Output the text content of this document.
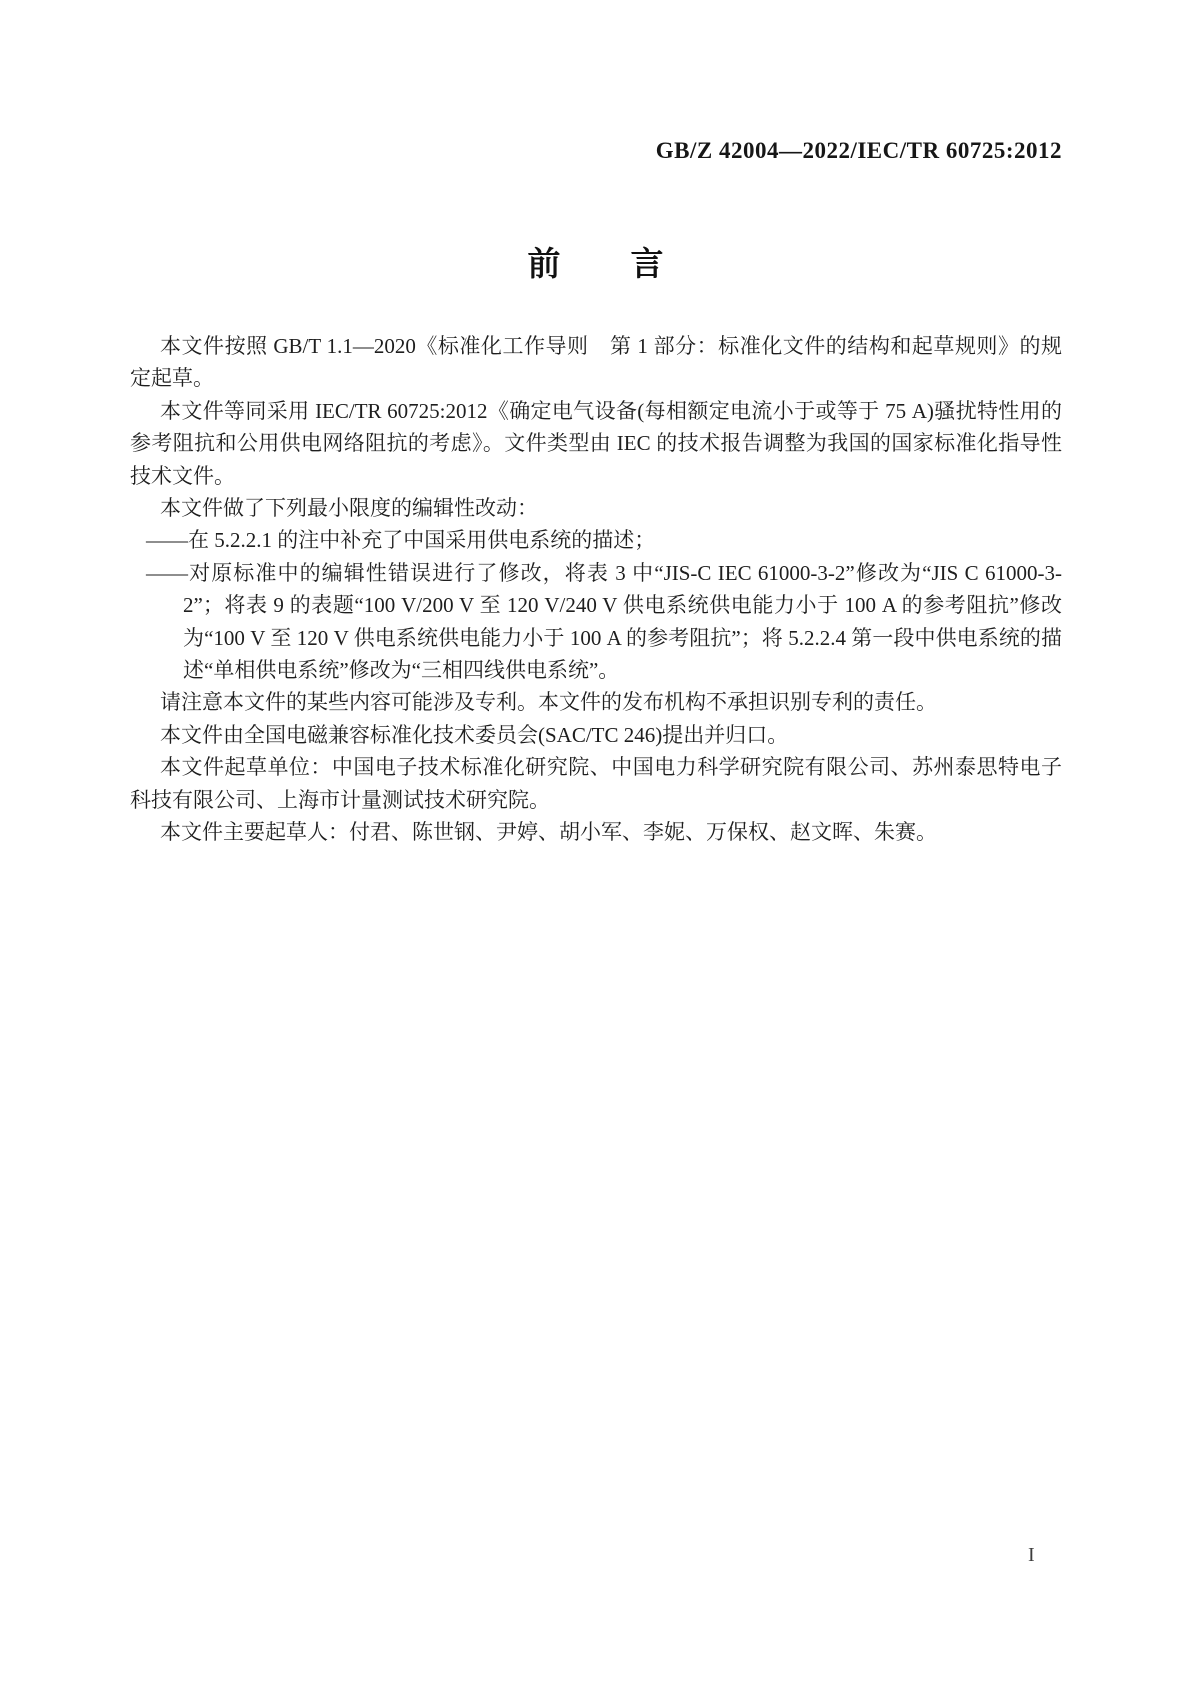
GB/Z 42004—2022/IEC/TR 60725:2012
前 言

本文件按照 GB/T 1.1—2020《标准化工作导则　第 1 部分：标准化文件的结构和起草规则》的规定起草。

本文件等同采用 IEC/TR 60725:2012《确定电气设备(每相额定电流小于或等于 75 A)骚扰特性用的参考阻抗和公用供电网络阻抗的考虑》。文件类型由 IEC 的技术报告调整为我国的国家标准化指导性技术文件。

本文件做了下列最小限度的编辑性改动：

——在 5.2.2.1 的注中补充了中国采用供电系统的描述；

——对原标准中的编辑性错误进行了修改，将表 3 中“JIS-C IEC 61000-3-2”修改为“JIS C 61000-3-2”；将表 9 的表题“100 V/200 V 至 120 V/240 V 供电系统供电能力小于 100 A 的参考阻抗”修改为“100 V 至 120 V 供电系统供电能力小于 100 A 的参考阻抗”；将 5.2.2.4 第一段中供电系统的描述“单相供电系统”修改为“三相四线供电系统”。

请注意本文件的某些内容可能涉及专利。本文件的发布机构不承担识别专利的责任。

本文件由全国电磁兼容标准化技术委员会(SAC/TC 246)提出并归口。

本文件起草单位：中国电子技术标准化研究院、中国电力科学研究院有限公司、苏州泰思特电子科技有限公司、上海市计量测试技术研究院。

本文件主要起草人：付君、陈世钢、尹婷、胡小军、李妮、万保权、赵文晖、朱赛。

I
